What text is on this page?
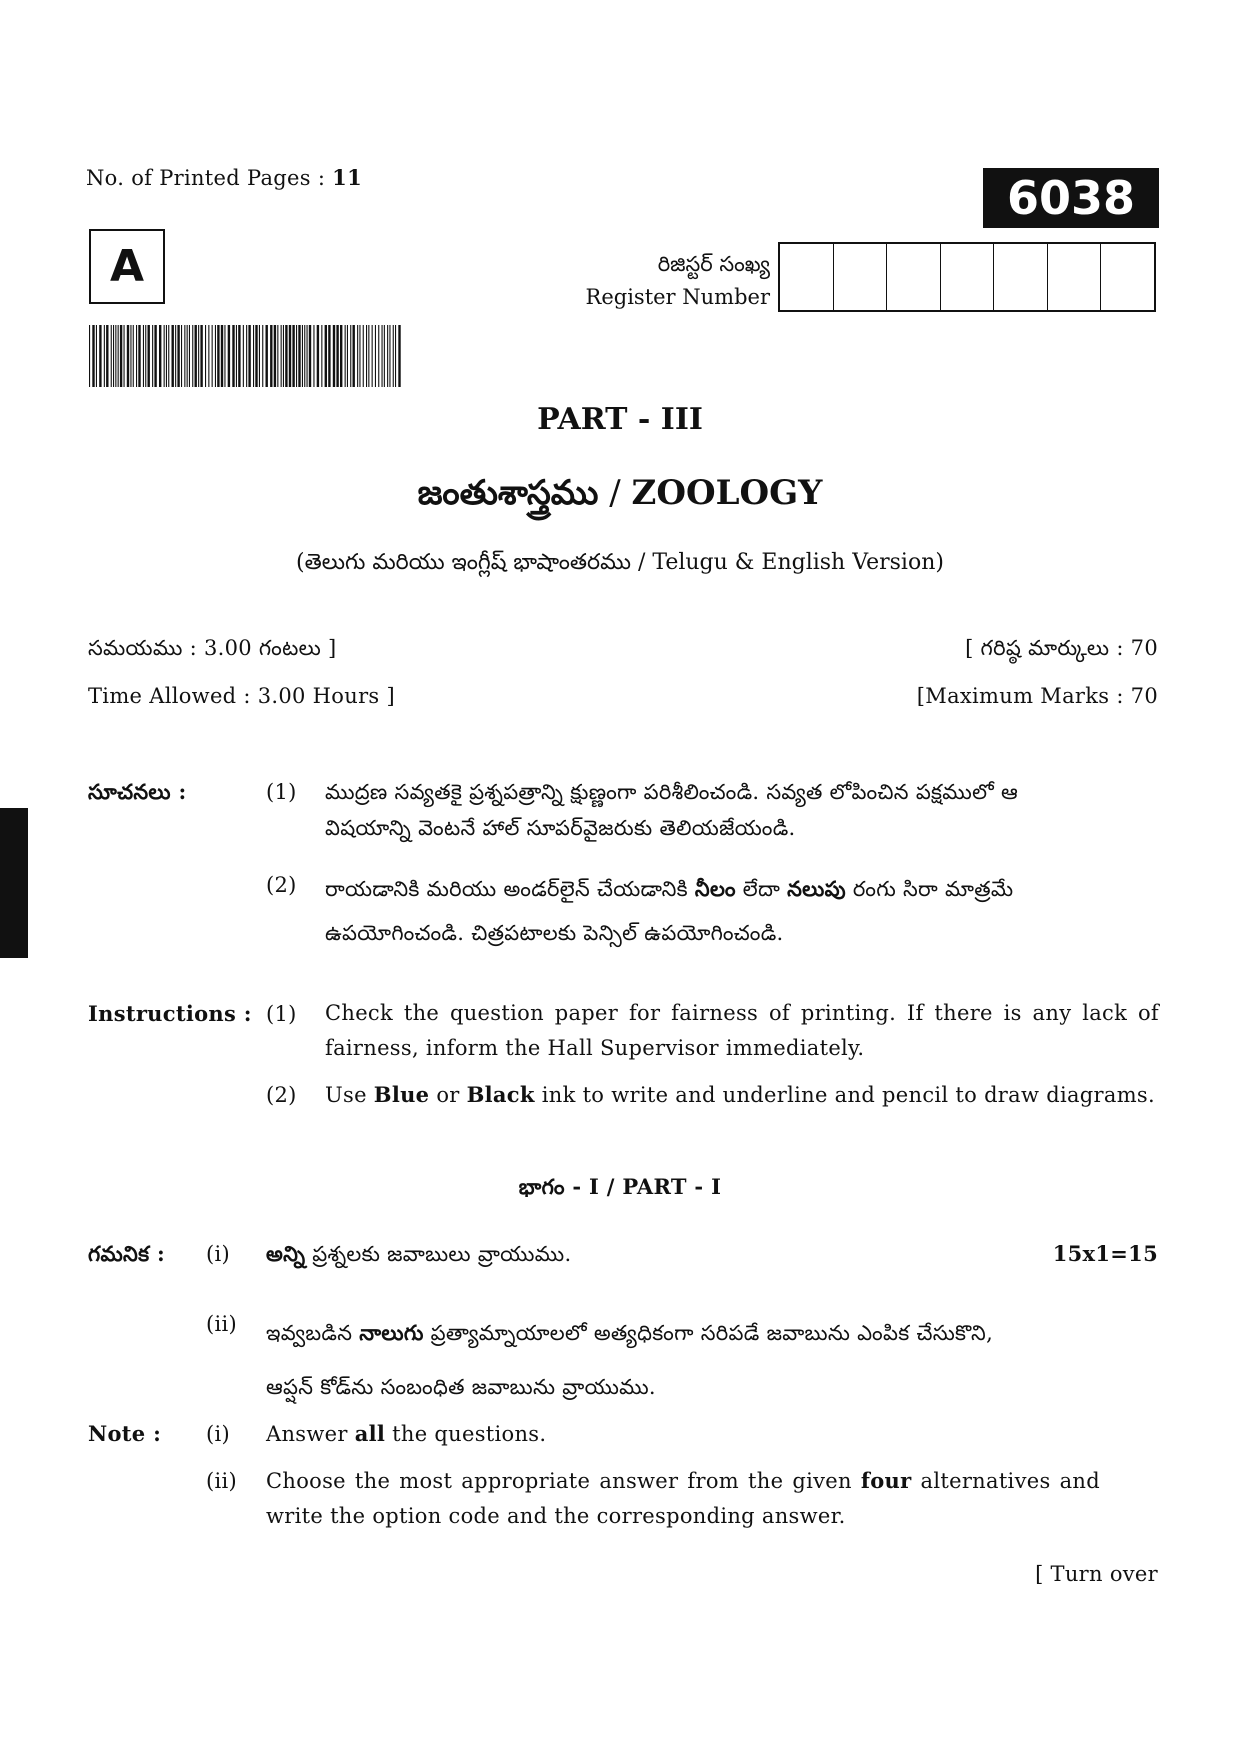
No. of Printed Pages : 11	6038
A	రిజిస్టర్ సంఖ్య
Register Number
PART - III
జంతుశాస్త్రము / ZOOLOGY
(తెలుగు మరియు ఇంగ్లీష్ భాషాంతరము / Telugu & English Version)
సమయము : 3.00 గంటలు ]	[ గరిష్ఠ మార్కులు : 70
Time Allowed : 3.00 Hours ]	[Maximum Marks : 70
సూచనలు :	(1) ముద్రణ సవ్యతకై ప్రశ్నపత్రాన్ని క్షుణ్ణంగా పరిశీలించండి. సవ్యత లోపించిన పక్షములో ఆ
విషయాన్ని వెంటనే హాల్ సూపర్‌వైజరుకు తెలియజేయండి.
(2) రాయడానికి మరియు అండర్‌లైన్ చేయడానికి నీలం లేదా నలుపు రంగు సిరా మాత్రమే
ఉపయోగించండి. చిత్రపటాలకు పెన్సిల్ ఉపయోగించండి.
Instructions : (1) Check the question paper for fairness of printing. If there is any lack of fairness, inform the Hall Supervisor immediately.
(2) Use Blue or Black ink to write and underline and pencil to draw diagrams.
భాగం - I / PART - I
గమనిక : (i) అన్ని ప్రశ్నలకు జవాబులు వ్రాయుము.	15x1=15
(ii) ఇవ్వబడిన నాలుగు ప్రత్యామ్నాయాలలో అత్యధికంగా సరిపడే జవాబును ఎంపిక చేసుకొని,
ఆప్షన్ కోడ్‌ను సంబంధిత జవాబును వ్రాయుము.
Note : (i) Answer all the questions.
(ii) Choose the most appropriate answer from the given four alternatives and write the option code and the corresponding answer.
[ Turn over
